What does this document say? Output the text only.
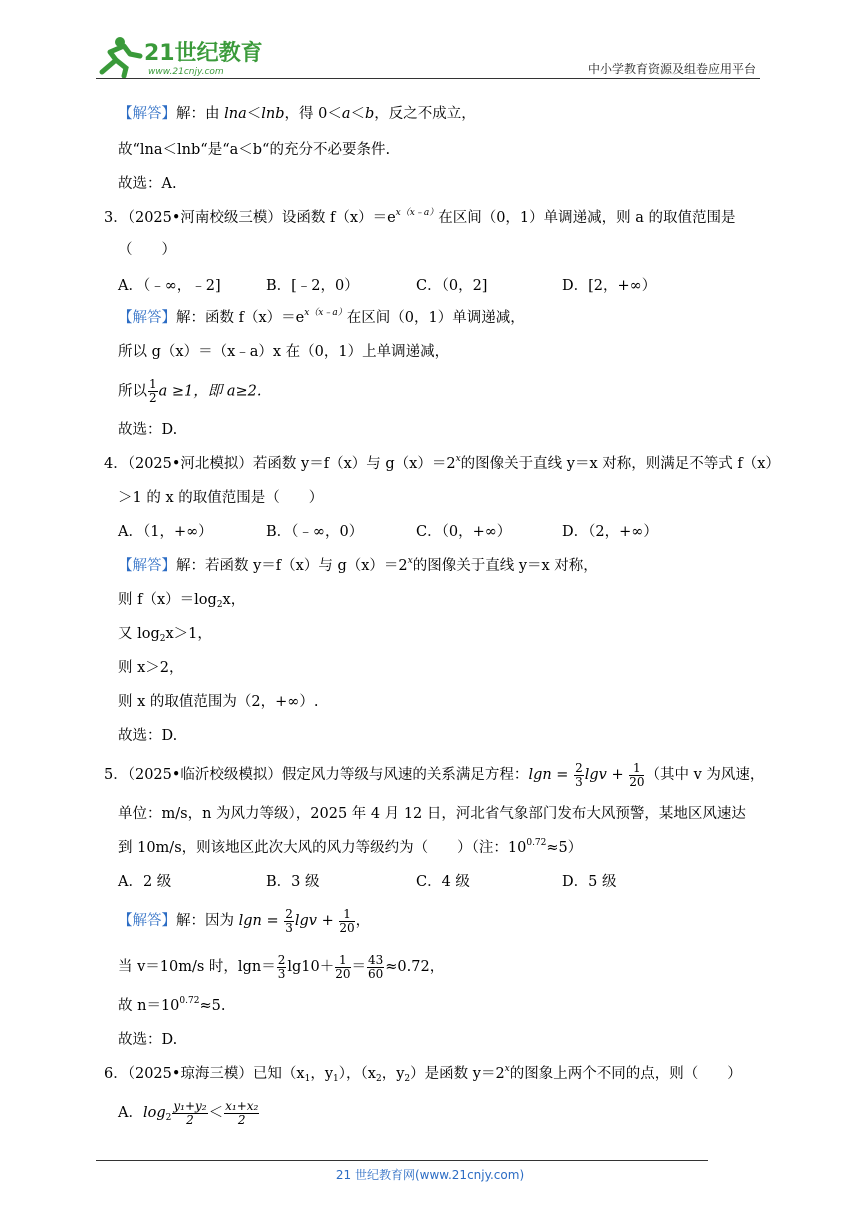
21世纪教育
www.21cnjy.com	中小学教育资源及组卷应用平台
【解答】解：由 lna＜lnb，得 0＜a＜b，反之不成立，
故“lna＜lnb“是“a＜b“的充分不必要条件.
故选：A.
3．（2025•河南校级三模）设函数 $f(x)=e^{x(x﹣a)}$在区间（0，1）单调递减，则 a 的取值范围是
（　　）
A．（﹣∞，﹣2]	B．[﹣2，0）	C．（0，2]	D．[2，+∞）
【解答】解：函数 $f(x)=e^{x(x﹣a)}$在区间（0，1）单调递减，
所以 g（x）＝（x﹣a）x 在（0，1）上单调递减，
所以 $\frac{1}{2}$ a ≥1，即 a≥2.
故选：D.
4．（2025•河北模拟）若函数 y＝f（x）与 $g(x)=2^x$的图像关于直线 y＝x 对称，则满足不等式 f（x）
＞1 的 x 的取值范围是（　　）
A．（1，+∞）	B．（﹣∞，0）	C．（0，+∞）	D．（2，+∞）
【解答】解：若函数 y＝f（x）与 $g(x)=2^x$的图像关于直线 y＝x 对称，
则 $f(x)=\log_2x$，
又 $\log_2x>1$，
则 x＞2，
则 x 的取值范围为（2，+∞）.
故选：D.
5．（2025•临沂校级模拟）假定风力等级与风速的关系满足方程：$\lg n = \frac{2}{3}$ $\lg v + \frac{1}{20}$ （其中 v 为风速，
单位：m/s，n 为风力等级），2025 年 4 月 12 日，河北省气象部门发布大风预警，某地区风速达
到 10m/s，则该地区此次大风的风力等级约为（　　）（注：$10^{0.72}\approx 5$）
A．2 级	B．3 级	C．4 级	D．5 级
【解答】解：因为 $\lg n = \frac{2}{3}$ $\lg v + \frac{1}{20}$ ，
当 v＝10m/s 时，$\lg n= \frac{2}{3} \lg 10+ \frac{1}{20} = \frac{43}{60} \approx 0.72$，
故 $n=10^{0.72}\approx 5$.
故选：D.
6．（2025•琼海三模）已知（$x_1$，$y_1$），（$x_2$，$y_2$）是函数 $y=2^x$的图象上两个不同的点，则（　　）
A．$\log_2 \frac{\text{y₁+y₂}}{2} < \frac{\text{x₁+x₂}}{2}$
21 世纪教育网(www.21cnjy.com)
